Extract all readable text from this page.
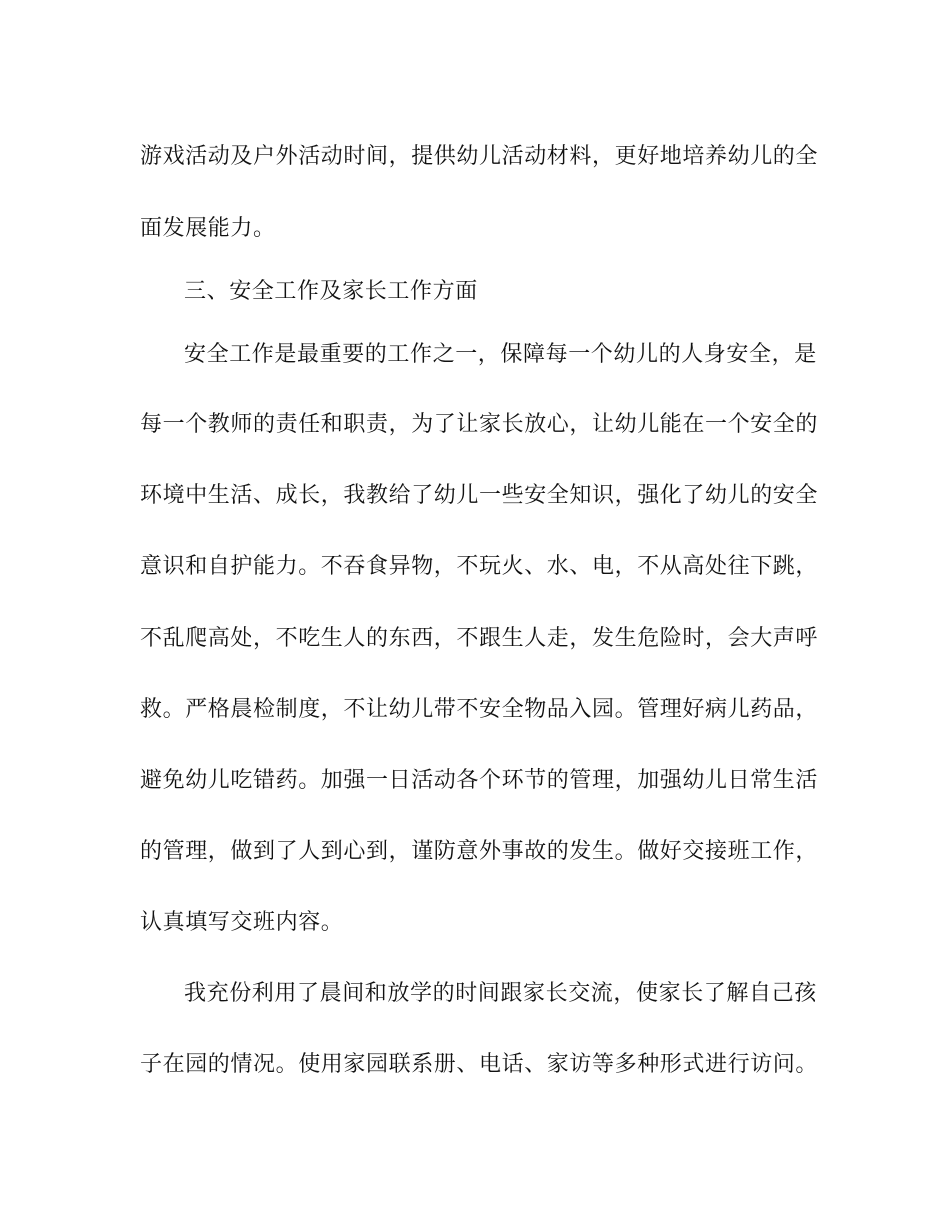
游戏活动及户外活动时间，提供幼儿活动材料，更好地培养幼儿的全
面发展能力。
三、安全工作及家长工作方面
安全工作是最重要的工作之一，保障每一个幼儿的人身安全，是
每一个教师的责任和职责，为了让家长放心，让幼儿能在一个安全的
环境中生活、成长，我教给了幼儿一些安全知识，强化了幼儿的安全
意识和自护能力。不吞食异物，不玩火、水、电，不从高处往下跳，
不乱爬高处，不吃生人的东西，不跟生人走，发生危险时，会大声呼
救。严格晨检制度，不让幼儿带不安全物品入园。管理好病儿药品，
避免幼儿吃错药。加强一日活动各个环节的管理，加强幼儿日常生活
的管理，做到了人到心到，谨防意外事故的发生。做好交接班工作，
认真填写交班内容。
我充份利用了晨间和放学的时间跟家长交流，使家长了解自己孩
子在园的情况。使用家园联系册、电话、家访等多种形式进行访问。
